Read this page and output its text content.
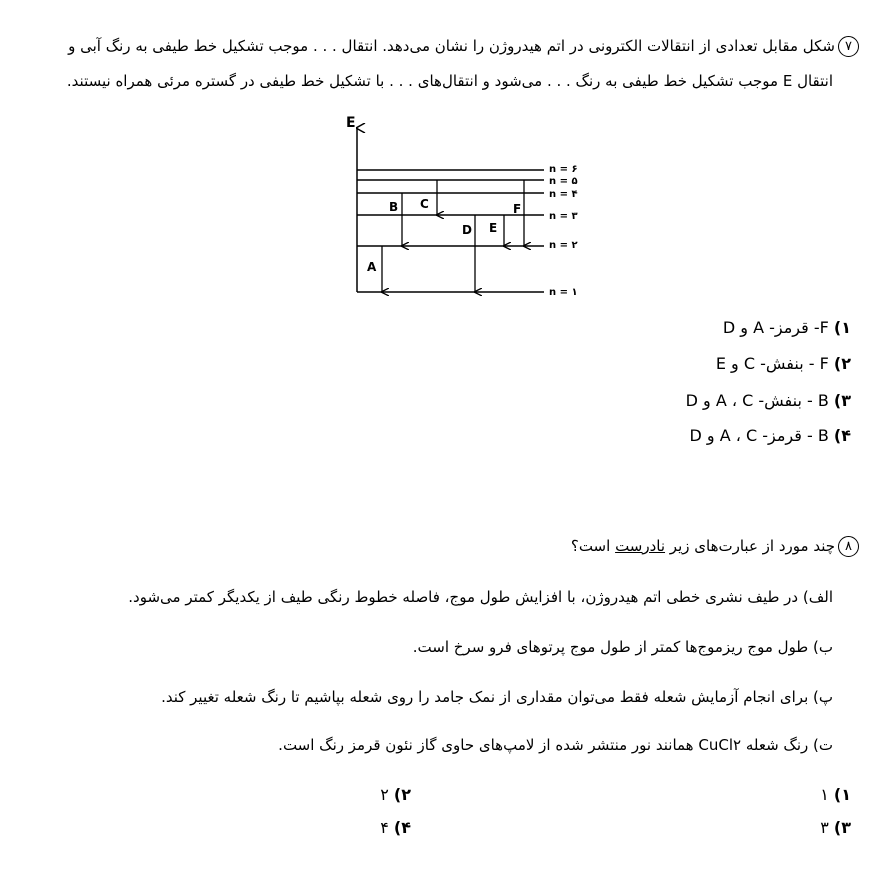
۷شکل مقابل تعدادی از انتقالات الکترونی در اتم هیدروژن را نشان می‌دهد. انتقال . . . موجب تشکیل خط طیفی به رنگ آبی و
انتقال E موجب تشکیل خط طیفی به رنگ . . . می‌شود و انتقال‌های . . . با تشکیل خط طیفی در گستره مرئی همراه نیستند.
E
n = ۶
n = ۵
n = ۴
n = ۳
n = ۲
n = ۱
A
B C
D E
F
۱) F- قرمز- A و D
۲) F - بنفش- C و E
۳) B - بنفش- A ، C و D
۴) B - قرمز- A ، C و D
۸چند مورد از عبارت‌های زیر نادرست است؟
الف) در طیف نشری خطی اتم هیدروژن، با افزایش طول موج، فاصله خطوط رنگی طیف از یکدیگر کمتر می‌شود.
ب) طول موج ریزموج‌ها کمتر از طول موج پرتوهای فرو سرخ است.
پ) برای انجام آزمایش شعله فقط می‌توان مقداری از نمک جامد را روی شعله بپاشیم تا رنگ شعله تغییر کند.
ت) رنگ شعله CuCl۲ همانند نور منتشر شده از لامپ‌های حاوی گاز نئون قرمز رنگ است.
۱) ۱
۲) ۲
۳) ۳
۴) ۴
